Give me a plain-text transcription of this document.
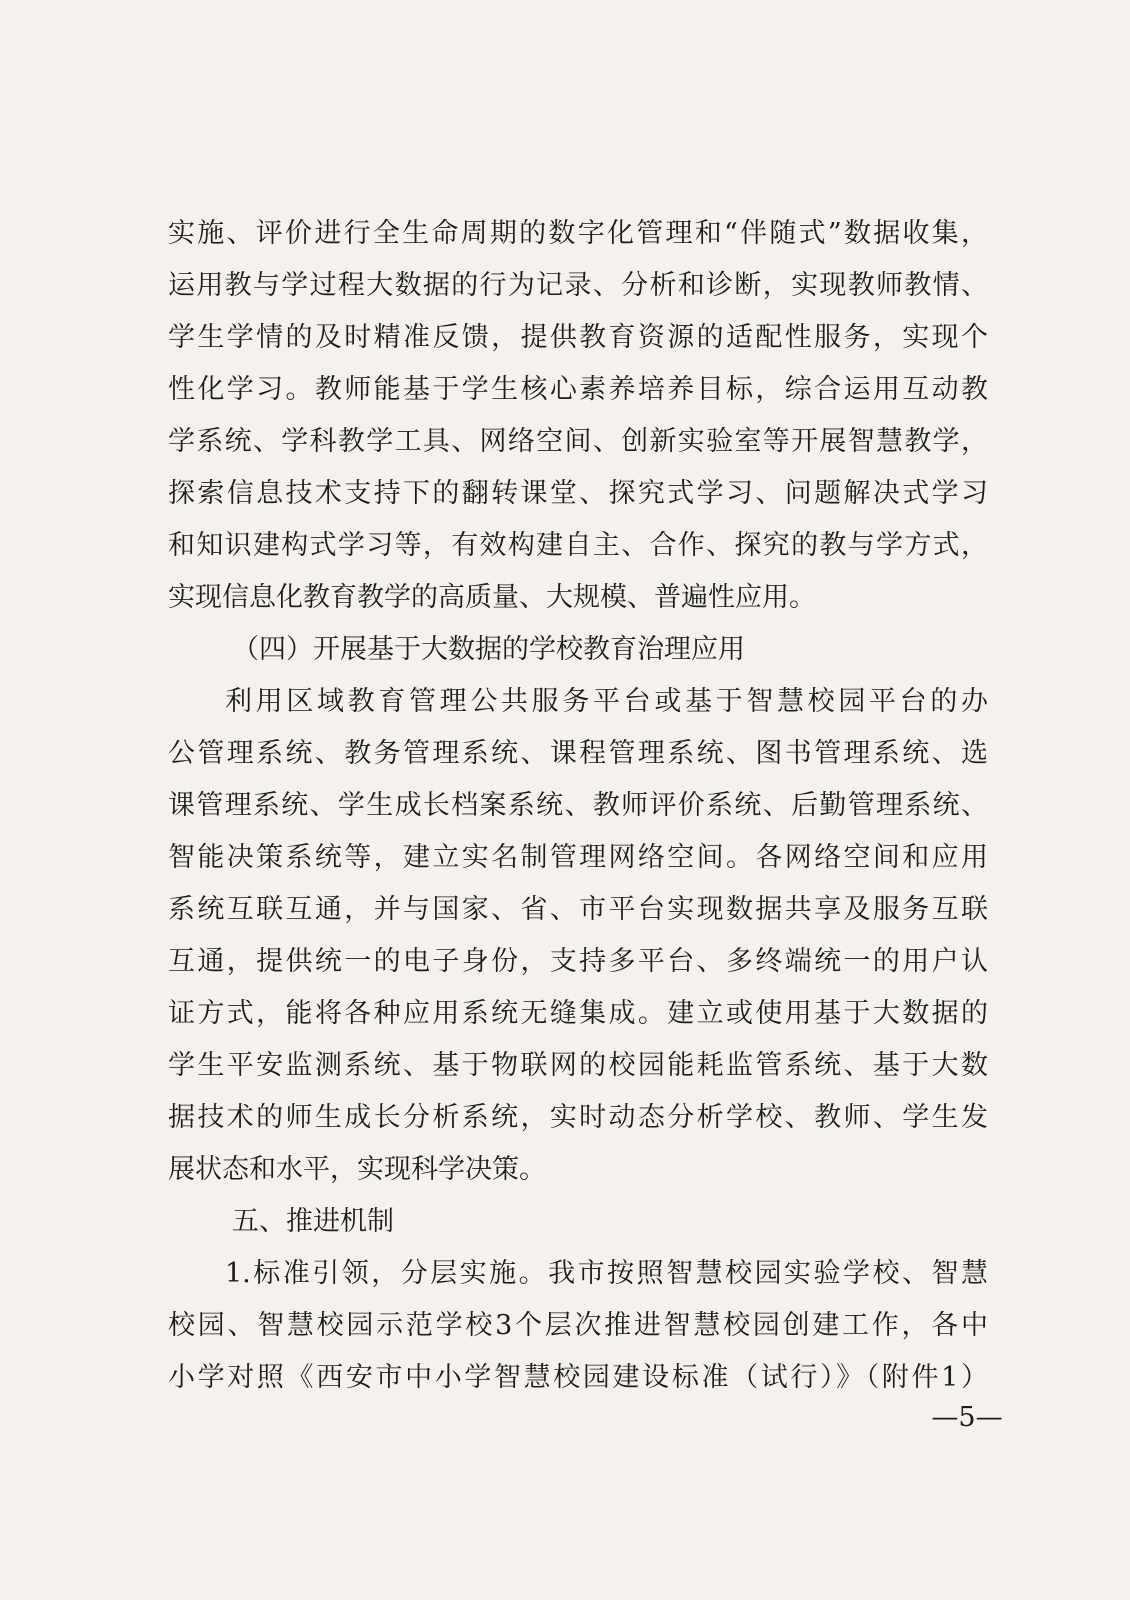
实施、评价进行全生命周期的数字化管理和“伴随式”数据收集，
运用教与学过程大数据的行为记录、分析和诊断，实现教师教情、
学生学情的及时精准反馈，提供教育资源的适配性服务，实现个
性化学习。教师能基于学生核心素养培养目标，综合运用互动教
学系统、学科教学工具、网络空间、创新实验室等开展智慧教学，
探索信息技术支持下的翻转课堂、探究式学习、问题解决式学习
和知识建构式学习等，有效构建自主、合作、探究的教与学方式，
实现信息化教育教学的高质量、大规模、普遍性应用。
（四）开展基于大数据的学校教育治理应用
利用区域教育管理公共服务平台或基于智慧校园平台的办
公管理系统、教务管理系统、课程管理系统、图书管理系统、选
课管理系统、学生成长档案系统、教师评价系统、后勤管理系统、
智能决策系统等，建立实名制管理网络空间。各网络空间和应用
系统互联互通，并与国家、省、市平台实现数据共享及服务互联
互通，提供统一的电子身份，支持多平台、多终端统一的用户认
证方式，能将各种应用系统无缝集成。建立或使用基于大数据的
学生平安监测系统、基于物联网的校园能耗监管系统、基于大数
据技术的师生成长分析系统，实时动态分析学校、教师、学生发
展状态和水平，实现科学决策。
五、推进机制
1.标准引领，分层实施。我市按照智慧校园实验学校、智慧
校园、智慧校园示范学校3个层次推进智慧校园创建工作，各中
小学对照《西安市中小学智慧校园建设标准（试行）》（附件1）
—5—
